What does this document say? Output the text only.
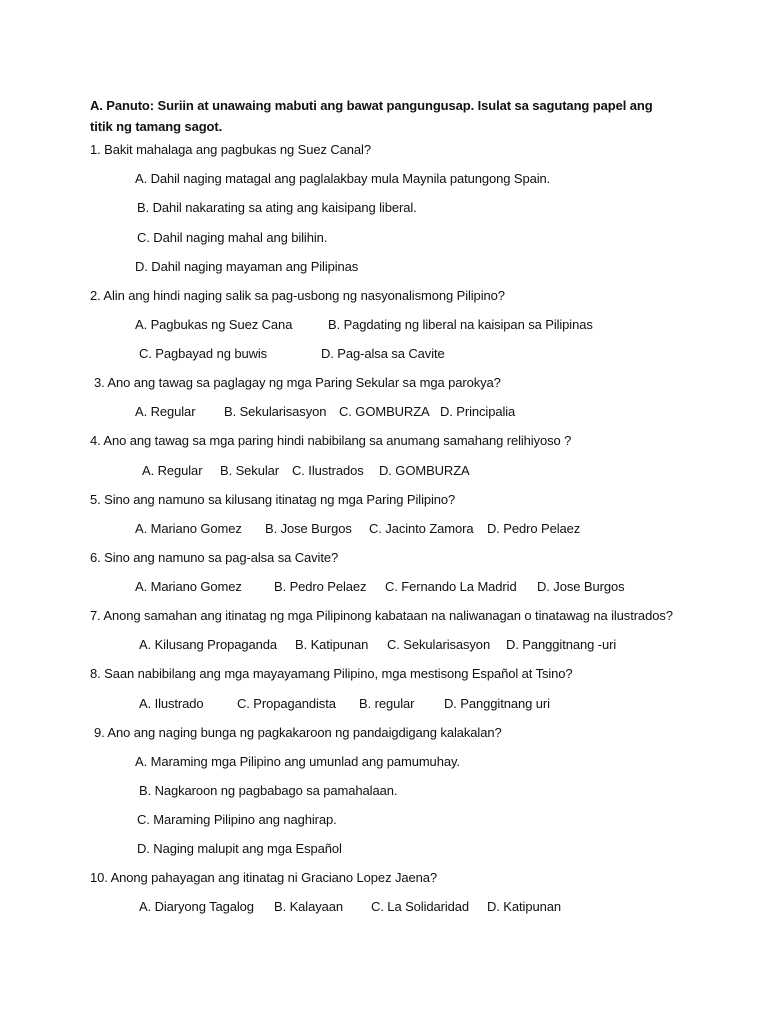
A. Panuto: Suriin at unawaing mabuti ang bawat pangungusap. Isulat sa sagutang papel ang titik ng tamang sagot.
1. Bakit mahalaga ang pagbukas ng Suez Canal?
A. Dahil naging matagal ang paglalakbay mula Maynila patungong Spain.
B. Dahil nakarating sa ating ang kaisipang liberal.
C. Dahil naging mahal ang bilihin.
D. Dahil naging mayaman ang Pilipinas
2. Alin ang hindi naging salik sa pag-usbong ng nasyonalismong Pilipino?
A. Pagbukas ng Suez Cana	B. Pagdating ng liberal na kaisipan sa Pilipinas
C. Pagbayad ng buwis	D. Pag-alsa sa Cavite
3. Ano ang tawag sa paglagay ng mga Paring Sekular sa mga parokya?
A. Regular B. Sekularisasyon C. GOMBURZA D. Principalia
4. Ano ang tawag sa mga paring hindi nabibilang sa anumang samahang relihiyoso ?
A. Regular B. Sekular C. Ilustrados D. GOMBURZA
5. Sino ang namuno sa kilusang itinatag ng mga Paring Pilipino?
A. Mariano Gomez B. Jose Burgos C. Jacinto Zamora D. Pedro Pelaez
6. Sino ang namuno sa pag-alsa sa Cavite?
A. Mariano Gomez B. Pedro Pelaez C. Fernando La Madrid D. Jose Burgos
7. Anong samahan ang itinatag ng mga Pilipinong kabataan na naliwanagan o tinatawag na ilustrados?
A. Kilusang Propaganda B. Katipunan C. Sekularisasyon D. Panggitnang -uri
8. Saan nabibilang ang mga mayayamang Pilipino, mga mestisong Español at Tsino?
A. Ilustrado	C. Propagandista B. regular D. Panggitnang uri
9. Ano ang naging bunga ng pagkakaroon ng pandaigdigang kalakalan?
A. Maraming mga Pilipino ang umunlad ang pamumuhay.
B. Nagkaroon ng pagbabago sa pamahalaan.
C. Maraming Pilipino ang naghirap.
D. Naging malupit ang mga Español
10. Anong pahayagan ang itinatag ni Graciano Lopez Jaena?
A. Diaryong Tagalog B. Kalayaan C. La Solidaridad D. Katipunan
